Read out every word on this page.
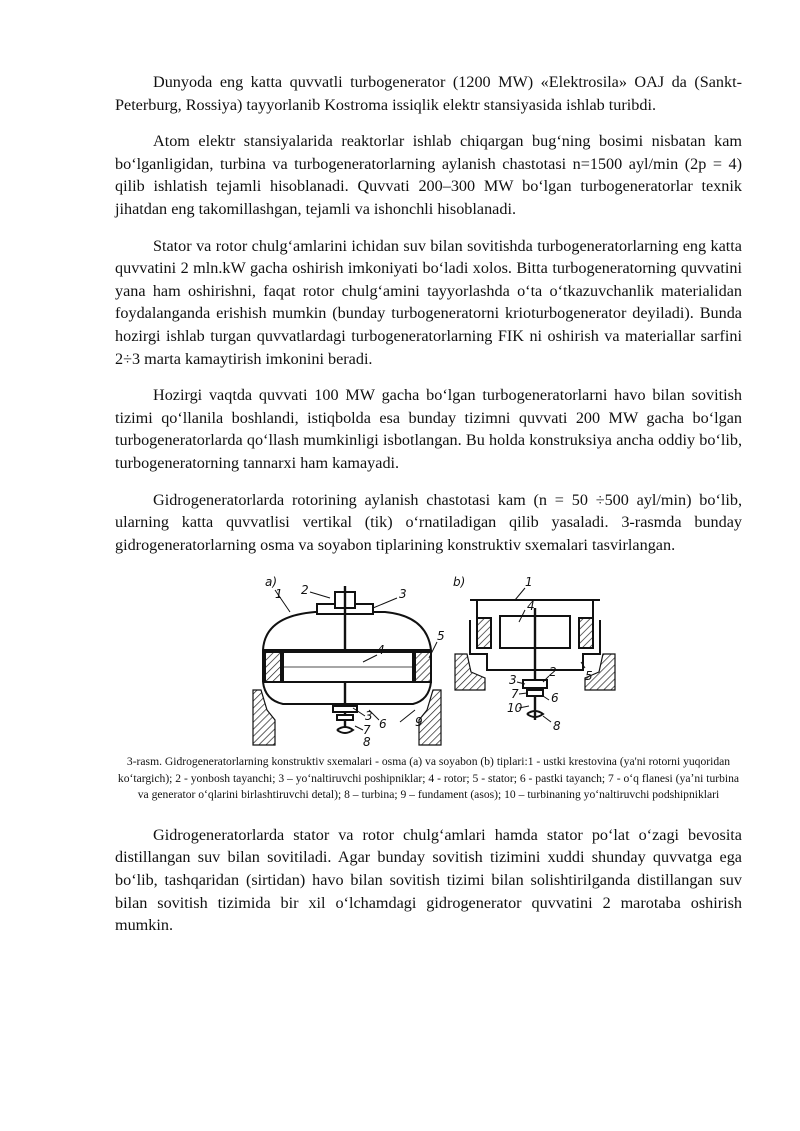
Dunyoda eng katta quvvatli turbogenerator (1200 MW) «Elektrosila» OAJ da (Sankt-Peterburg, Rossiya) tayyorlanib Kostroma issiqlik elektr stansiyasida ishlab turibdi.

Atom elektr stansiyalarida reaktorlar ishlab chiqargan bugʻning bosimi nisbatan kam boʻlganligidan, turbina va turbogeneratorlarning aylanish chastotasi n=1500 ayl/min (2p = 4) qilib ishlatish tejamli hisoblanadi. Quvvati 200–300 MW boʻlgan turbogeneratorlar texnik jihatdan eng takomillashgan, tejamli va ishonchli hisoblanadi.

Stator va rotor chulgʻamlarini ichidan suv bilan sovitishda turbogeneratorlarning eng katta quvvatini 2 mln.kW gacha oshirish imkoniyati boʻladi xolos. Bitta turbogeneratorning quvvatini yana ham oshirishni, faqat rotor chulgʻamini tayyorlashda oʻta oʻtkazuvchanlik materialidan foydalanganda erishish mumkin (bunday turbogeneratorni krioturbogenerator deyiladi). Bunda hozirgi ishlab turgan quvvatlardagi turbogeneratorlarning FIK ni oshirish va materiallar sarfini 2÷3 marta kamaytirish imkonini beradi.

Hozirgi vaqtda quvvati 100 MW gacha boʻlgan turbogeneratorlarni havo bilan sovitish tizimi qoʻllanila boshlandi, istiqbolda esa bunday tizimni quvvati 200 MW gacha boʻlgan turbogeneratorlarda qoʻllash mumkinligi isbotlangan. Bu holda konstruksiya ancha oddiy boʻlib, turbogeneratorning tannarxi ham kamayadi.

Gidrogeneratorlarda rotorining aylanish chastotasi kam (n = 50 ÷500 ayl/min) boʻlib, ularning katta quvvatlisi vertikal (tik) oʻrnatiladigan qilib yasaladi. 3-rasmda bunday gidrogeneratorlarning osma va soyabon tiplarining konstruktiv sxemalari tasvirlangan.

a)	b)
1 2	3
4
5
3
6
7
8
9
1
4
3
2 5
7	6
10
8

3-rasm. Gidrogeneratorlarning konstruktiv sxemalari - osma (a) va soyabon (b) tiplari:1 - ustki krestovina (ya'ni rotorni yuqoridan koʻtargich); 2 - yonbosh tayanchi; 3 – yoʻnaltiruvchi poshipniklar; 4 - rotor; 5 - stator; 6 - pastki tayanch; 7 - oʻq flanesi (yaʼni turbina va generator oʻqlarini birlashtiruvchi detal); 8 – turbina; 9 – fundament (asos); 10 – turbinaning yoʻnaltiruvchi podshipniklari

Gidrogeneratorlarda stator va rotor chulgʻamlari hamda stator poʻlat oʻzagi bevosita distillangan suv bilan sovitiladi. Agar bunday sovitish tizimini xuddi shunday quvvatga ega boʻlib, tashqaridan (sirtidan) havo bilan sovitish tizimi bilan solishtirilganda distillangan suv bilan sovitish tizimida bir xil oʻlchamdagi gidrogenerator quvvatini 2 marotaba oshirish mumkin.
